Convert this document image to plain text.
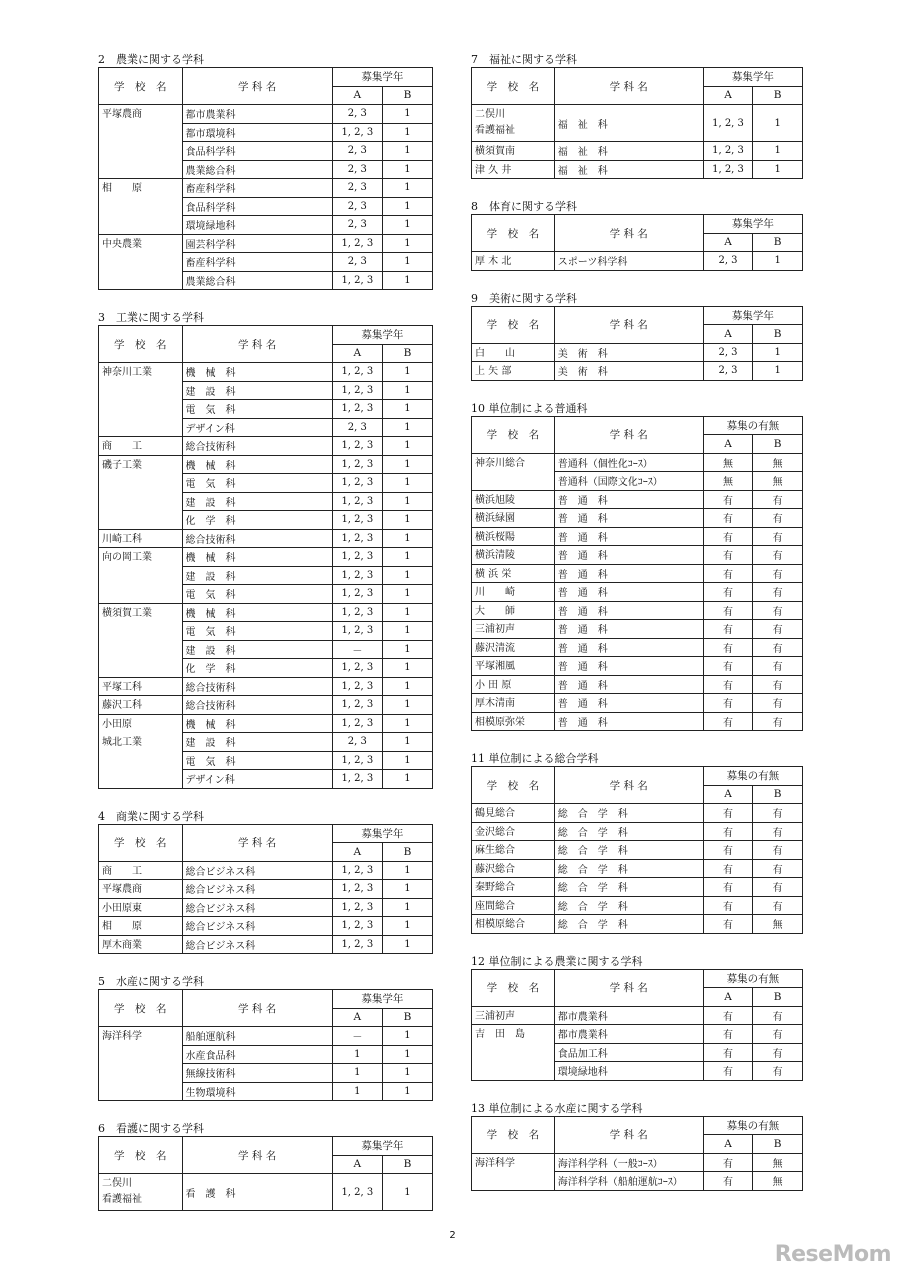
2　農業に関する学科
学　校　名	学 科 名	募集学年	
		A	B
平塚農商	都市農業科	2, 3	1
	都市環境科	1, 2, 3	1
	食品科学科	2, 3	1
	農業総合科	2, 3	1
相　　原	畜産科学科	2, 3	1
	食品科学科	2, 3	1
	環境緑地科	2, 3	1
中央農業	園芸科学科	1, 2, 3	1
	畜産科学科	2, 3	1
	農業総合科	1, 2, 3	1
3　工業に関する学科
学　校　名	学 科 名	募集学年	
		A	B
神奈川工業	機　械　科	1, 2, 3	1
	建　設　科	1, 2, 3	1
	電　気　科	1, 2, 3	1
	デザイン科	2, 3	1
商　　工	総合技術科	1, 2, 3	1
磯子工業	機　械　科	1, 2, 3	1
	電　気　科	1, 2, 3	1
	建　設　科	1, 2, 3	1
	化　学　科	1, 2, 3	1
川崎工科	総合技術科	1, 2, 3	1
向の岡工業	機　械　科	1, 2, 3	1
	建　設　科	1, 2, 3	1
	電　気　科	1, 2, 3	1
横須賀工業	機　械　科	1, 2, 3	1
	電　気　科	1, 2, 3	1
	建　設　科	－	1
	化　学　科	1, 2, 3	1
平塚工科	総合技術科	1, 2, 3	1
藤沢工科	総合技術科	1, 2, 3	1
小田原	機　械　科	1, 2, 3	1
城北工業	建　設　科	2, 3	1
	電　気　科	1, 2, 3	1
	デザイン科	1, 2, 3	1
4　商業に関する学科
学　校　名	学 科 名	募集学年	
		A	B
商　　工	総合ビジネス科	1, 2, 3	1
平塚農商	総合ビジネス科	1, 2, 3	1
小田原東	総合ビジネス科	1, 2, 3	1
相　　原	総合ビジネス科	1, 2, 3	1
厚木商業	総合ビジネス科	1, 2, 3	1
5　水産に関する学科
学　校　名	学 科 名	募集学年	
		A	B
海洋科学	船舶運航科	－	1
	水産食品科	1	1
	無線技術科	1	1
	生物環境科	1	1
6　看護に関する学科
学　校　名	学 科 名	募集学年	
		A	B

二俣川
看護福祉	看　護　科	1, 2, 3	1
7　福祉に関する学科
学　校　名	学 科 名	募集学年	
		A	B

二俣川
看護福祉	福　祉　科	1, 2, 3	1
横須賀南	福　祉　科	1, 2, 3	1
津 久 井	福　祉　科	1, 2, 3	1
8　体育に関する学科
学　校　名	学 科 名	募集学年	
		A	B
厚 木 北	スポーツ科学科	2, 3	1
9　美術に関する学科
学　校　名	学 科 名	募集学年	
		A	B
白　　山	美　術　科	2, 3	1
上 矢 部	美　術　科	2, 3	1
10 単位制による普通科
学　校　名	学 科 名	募集の有無	
		A	B
神奈川総合	普通科（個性化ｺｰｽ）	無	無
	普通科（国際文化ｺｰｽ）	無	無
横浜旭陵	普　通　科	有	有
横浜緑園	普　通　科	有	有
横浜桜陽	普　通　科	有	有
横浜清陵	普　通　科	有	有
横 浜 栄	普　通　科	有	有
川　　崎	普　通　科	有	有
大　　師	普　通　科	有	有
三浦初声	普　通　科	有	有
藤沢清流	普　通　科	有	有
平塚湘風	普　通　科	有	有
小 田 原	普　通　科	有	有
厚木清南	普　通　科	有	有
相模原弥栄	普　通　科	有	有
11 単位制による総合学科
学　校　名	学 科 名	募集の有無	
		A	B
鶴見総合	総　合　学　科	有	有
金沢総合	総　合　学　科	有	有
麻生総合	総　合　学　科	有	有
藤沢総合	総　合　学　科	有	有
秦野総合	総　合　学　科	有	有
座間総合	総　合　学　科	有	有
相模原総合	総　合　学　科	有	無
12 単位制による農業に関する学科
学　校　名	学 科 名	募集の有無	
		A	B
三浦初声	都市農業科	有	有
吉　田　島	都市農業科	有	有
	食品加工科	有	有
	環境緑地科	有	有
13 単位制による水産に関する学科
学　校　名	学 科 名	募集の有無	
		A	B
海洋科学	海洋科学科（一般ｺｰｽ）	有	無
	海洋科学科（船舶運航ｺｰｽ）	有	無
2
ReseMom
